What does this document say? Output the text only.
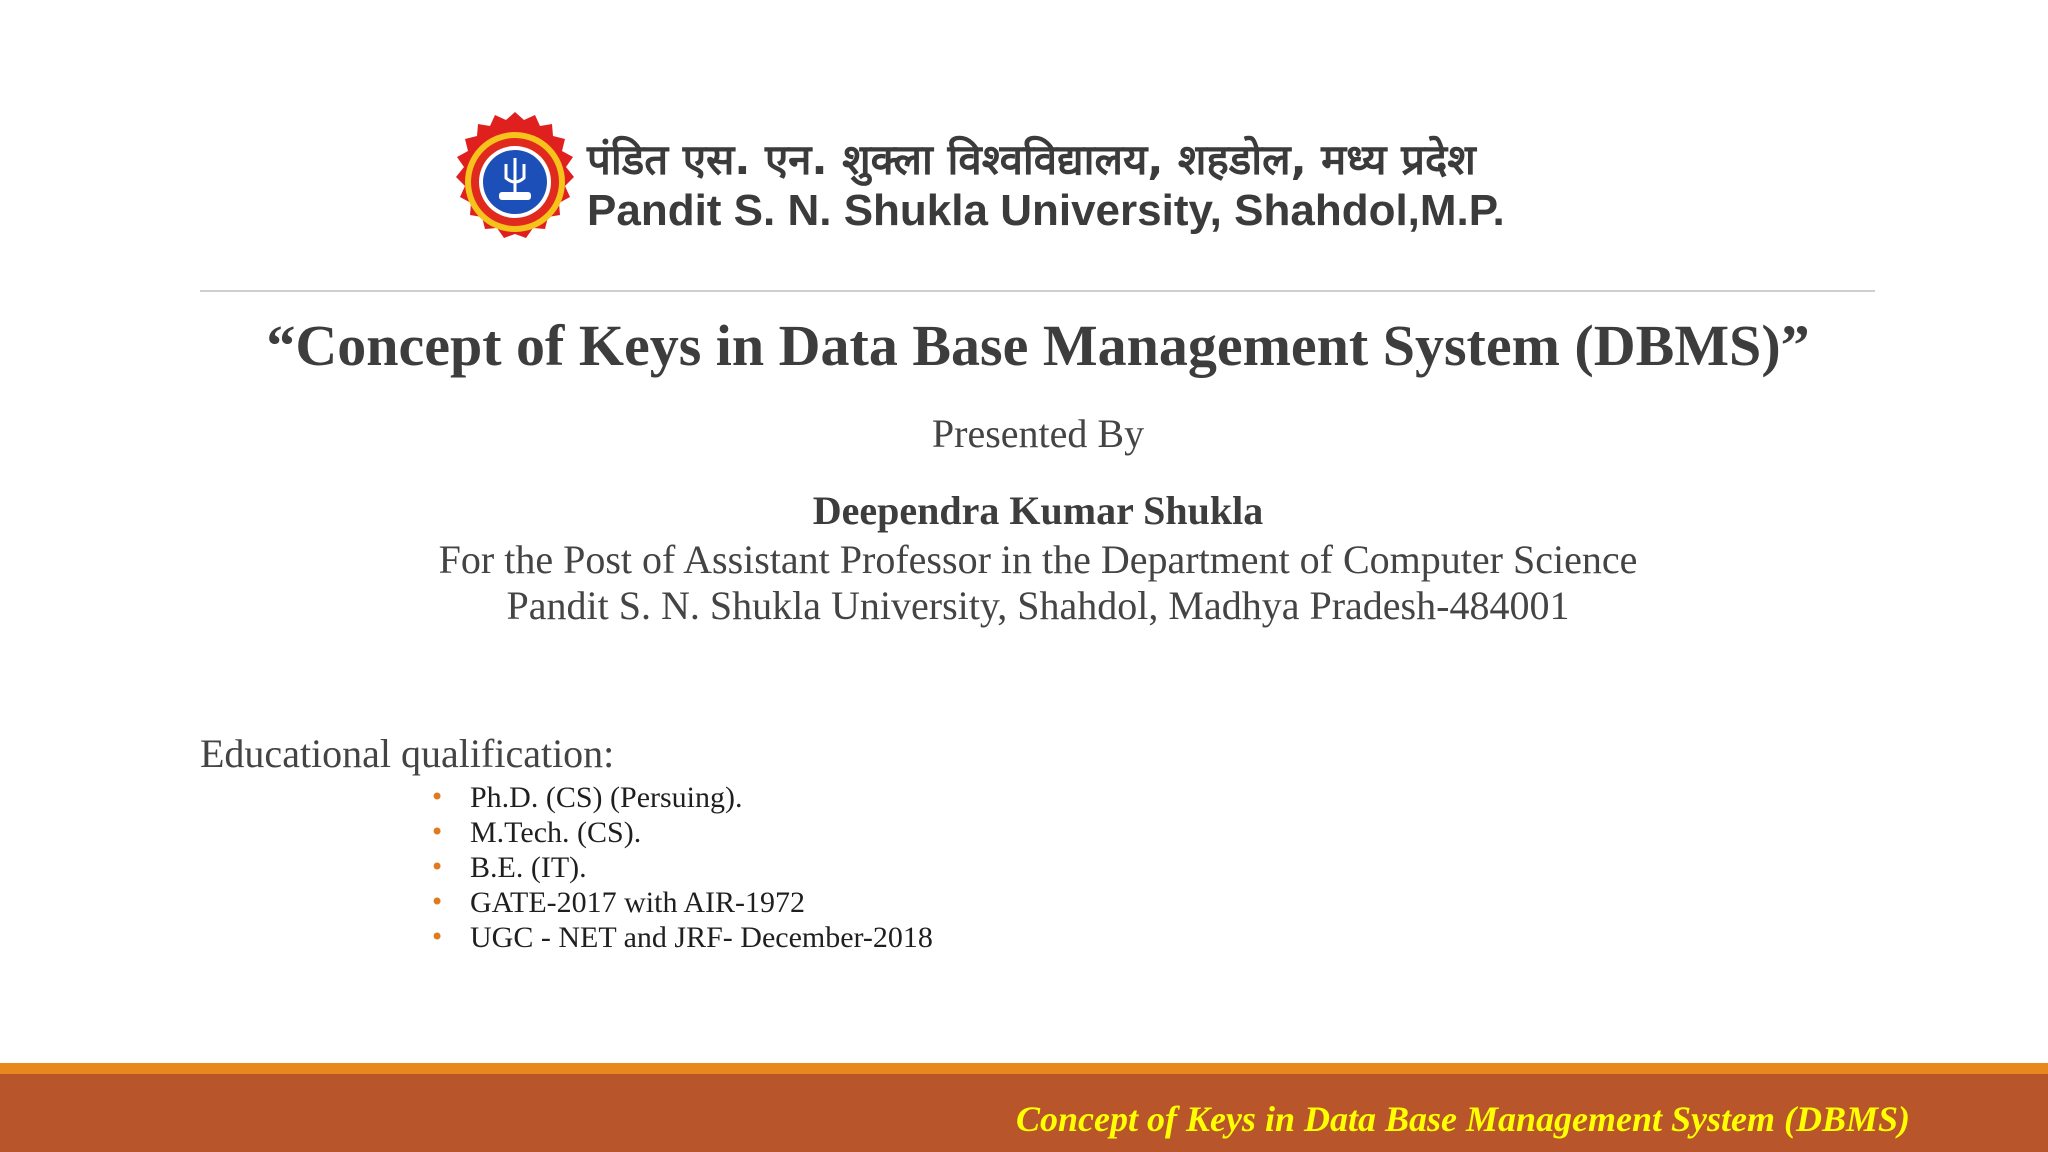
पंडित एस. एन. शुक्ला विश्वविद्यालय, शहडोल, मध्य प्रदेश
Pandit S. N. Shukla University, Shahdol,M.P.
“Concept of Keys in Data Base Management System (DBMS)”
Presented By
Deependra Kumar Shukla
For the Post of Assistant Professor in the Department of Computer Science
Pandit S. N. Shukla University, Shahdol, Madhya Pradesh-484001
Educational qualification:
• Ph.D. (CS) (Persuing).
• M.Tech. (CS).
• B.E. (IT).
• GATE-2017 with AIR-1972
• UGC - NET and JRF- December-2018
Concept of Keys in Data Base Management System (DBMS)
